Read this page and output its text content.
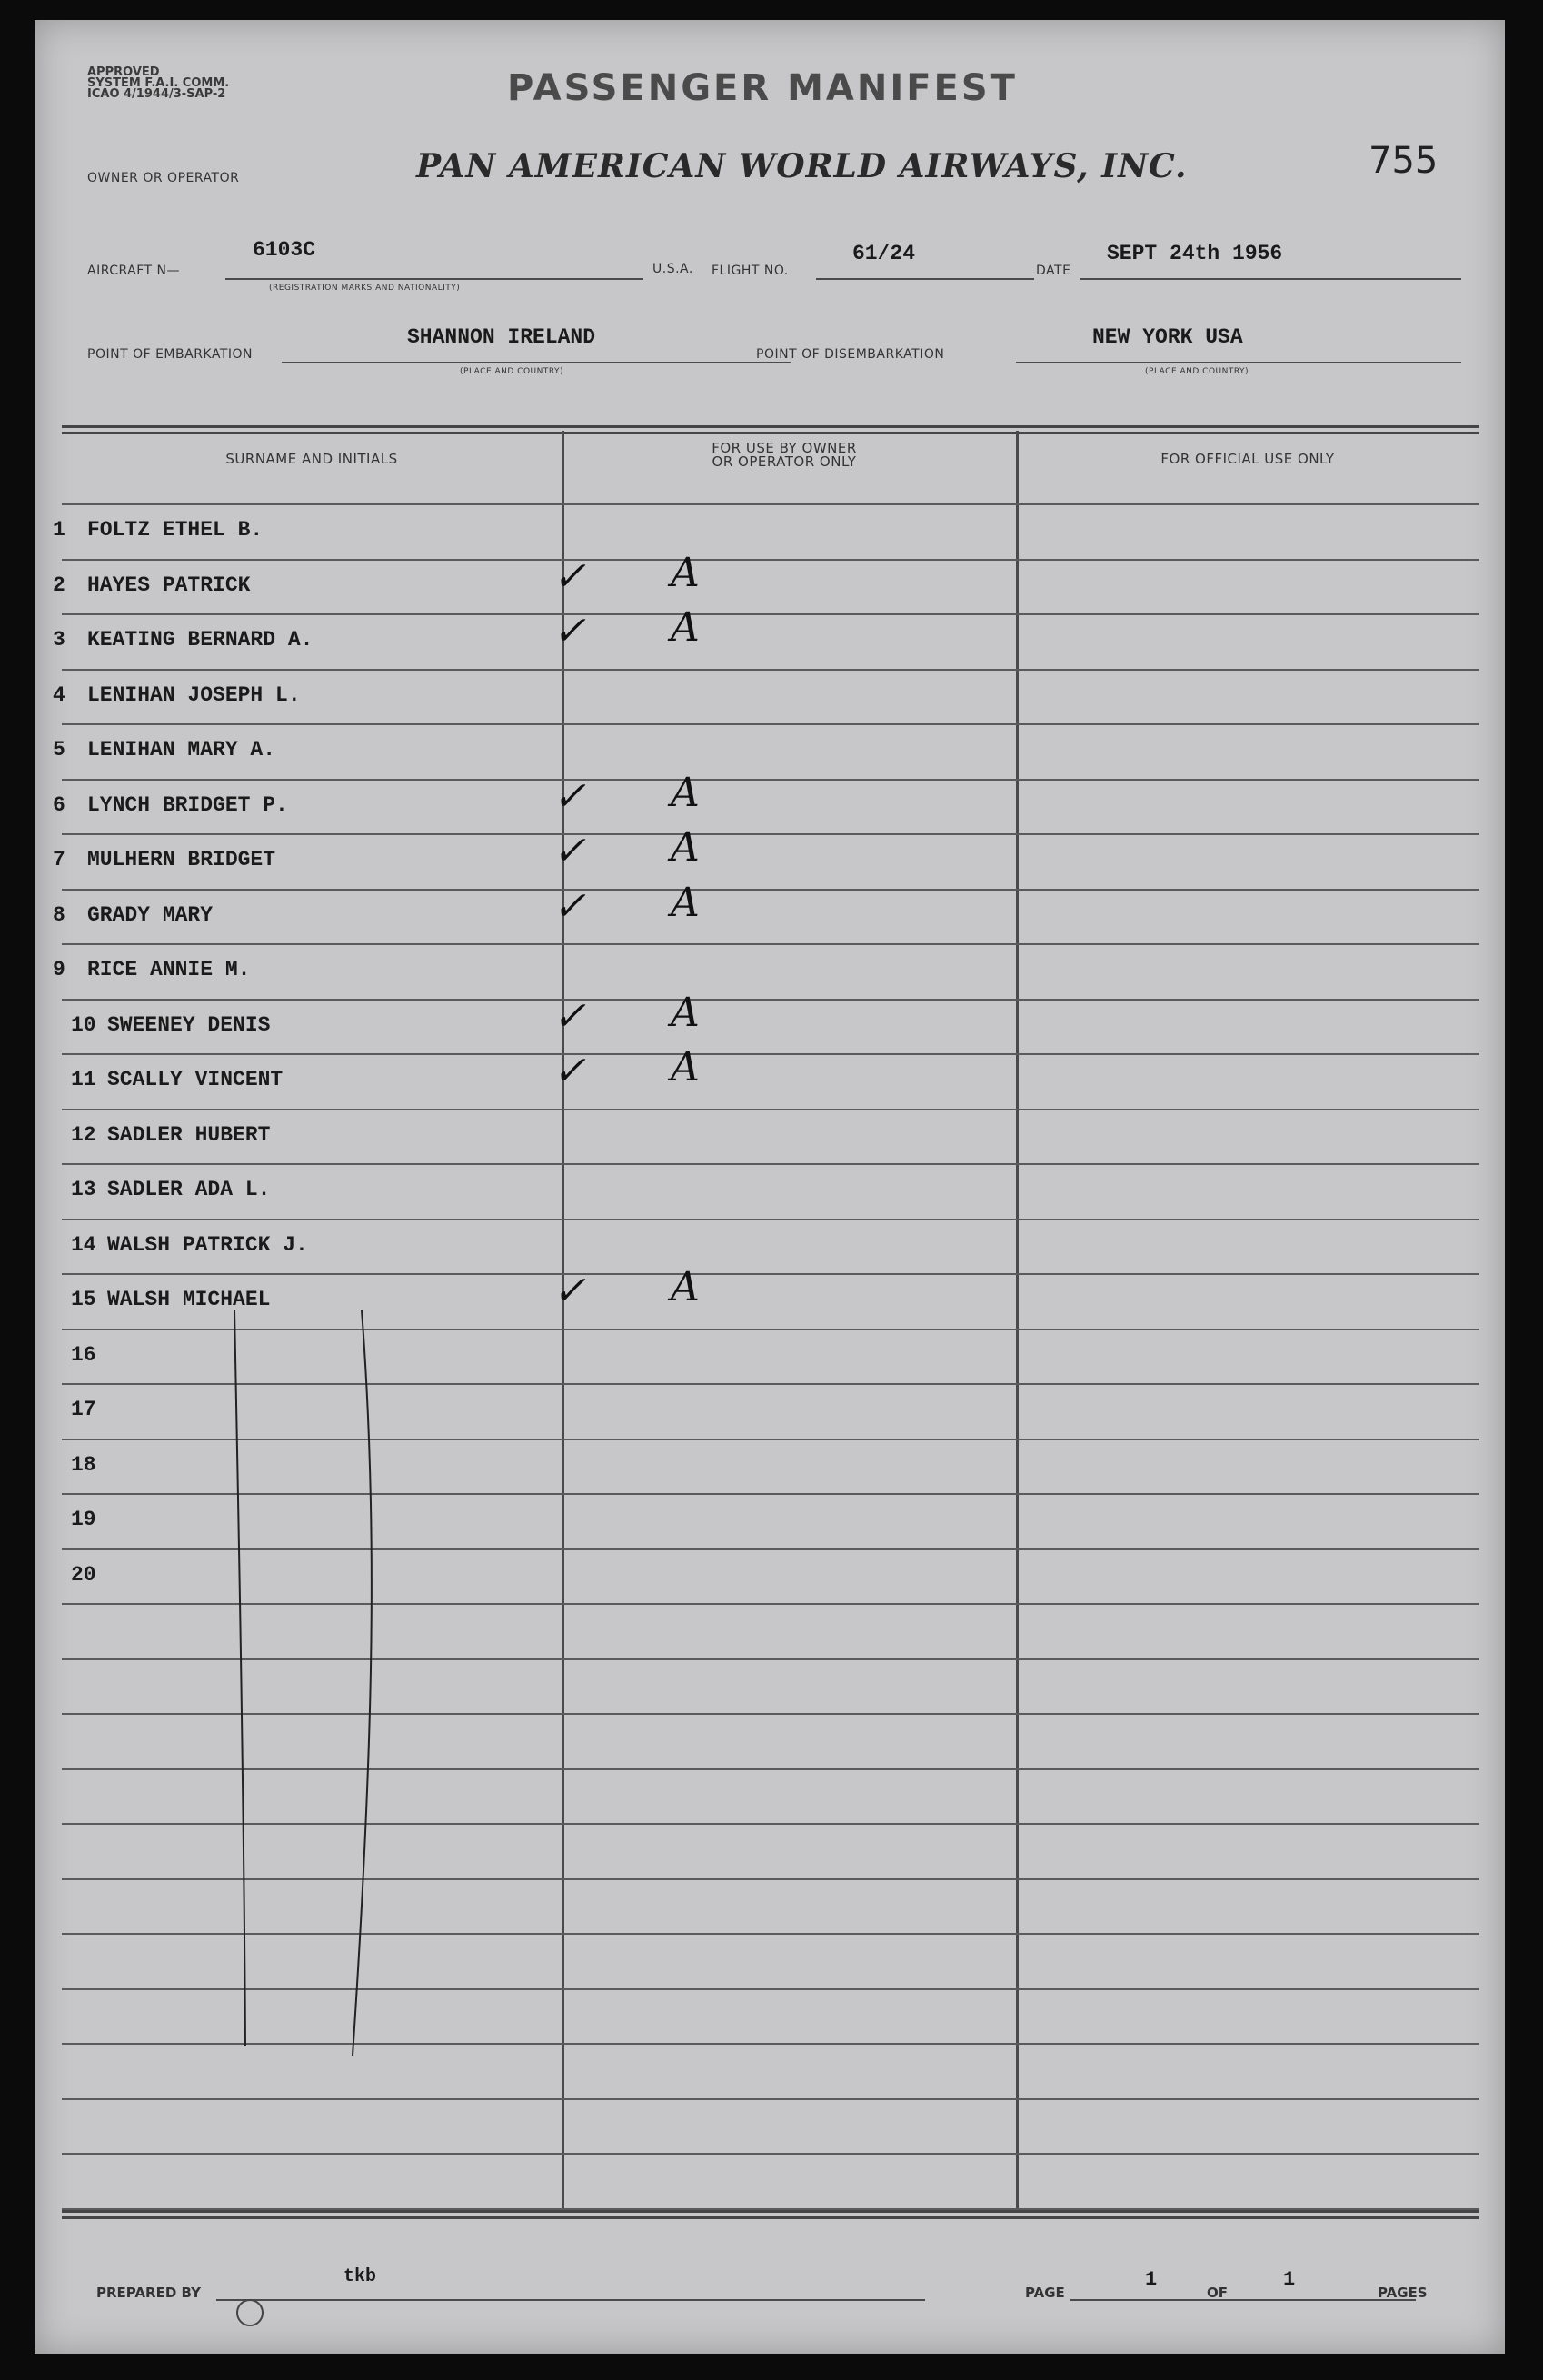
APPROVED
SYSTEM F.A.I. COMM.
ICAO 4/1944/3-SAP-2	PASSENGER MANIFEST
OWNER OR OPERATOR	PAN AMERICAN WORLD AIRWAYS, INC.	755
AIRCRAFT N—
6103C
(REGISTRATION MARKS AND NATIONALITY)
U.S.A. FLIGHT NO.
61/24
DATE
SEPT 24th 1956
POINT OF EMBARKATION
SHANNON IRELAND
(PLACE AND COUNTRY)
POINT OF DISEMBARKATION
NEW YORK USA
(PLACE AND COUNTRY)
SURNAME AND INITIALS
FOR USE BY OWNER
OR OPERATOR ONLY	FOR OFFICIAL USE ONLY
1 FOLTZ ETHEL B.
2 HAYES PATRICK	✓ A
3 KEATING BERNARD A.	✓ A
4 LENIHAN JOSEPH L.
5 LENIHAN MARY A.
6 LYNCH BRIDGET P.	✓ A
7 MULHERN BRIDGET	✓ A
8 GRADY MARY	✓ A
9 RICE ANNIE M.
10 SWEENEY DENIS	✓ A
11 SCALLY VINCENT	✓ A
12 SADLER HUBERT
13 SADLER ADA L.
14 WALSH PATRICK J.
15 WALSH MICHAEL	✓ A
16
17
18
19
20
PREPARED BY
tkb
PAGE
1
OF
1
PAGES
